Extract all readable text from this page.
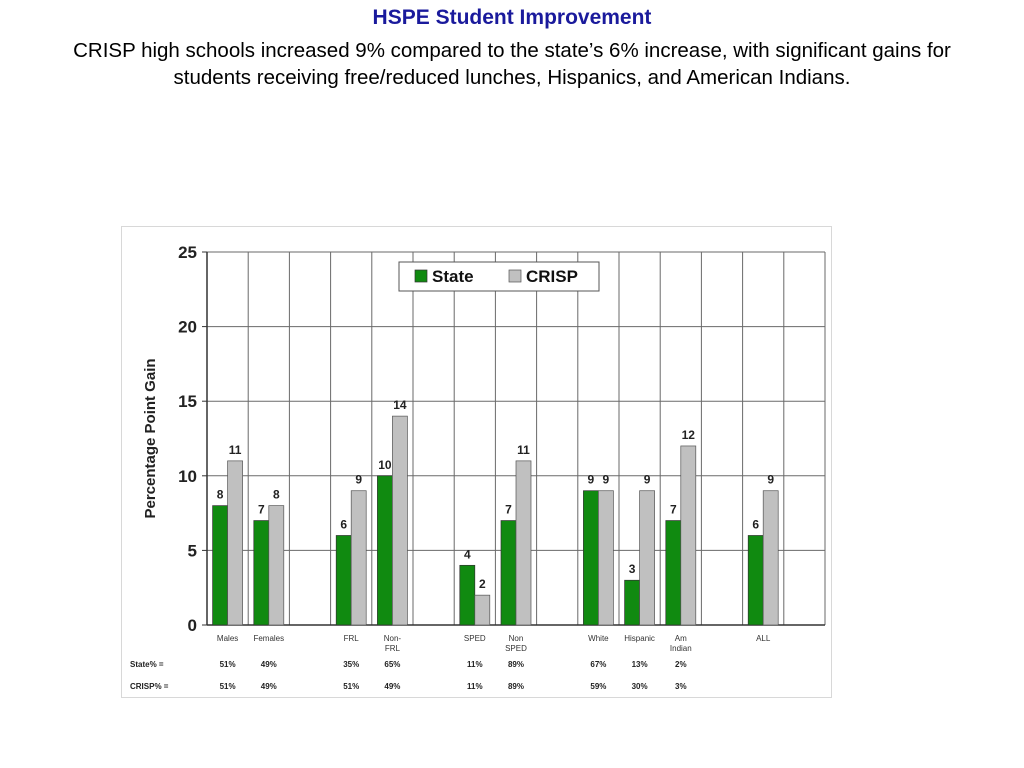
HSPE Student Improvement
CRISP high schools increased 9% compared to the state’s 6% increase, with significant gains for students receiving free/reduced lunches, Hispanics, and American Indians.
0
5
10
15
20
25
Percentage Point Gain	8
11
Males
51%
51%
7
8
Females
49%
49%
6
9
FRL
35%
51%
10
14
Non-
FRL
65%
49%
4
2
SPED
11%
11%
7
11
Non
SPED
89%
89%
9 9
White
67%
59%
3
9
Hispanic
13%
30%
7
12
Am
Indian
2%
3%
6
9
ALL
State% =
CRISP% =
State	CRISP
